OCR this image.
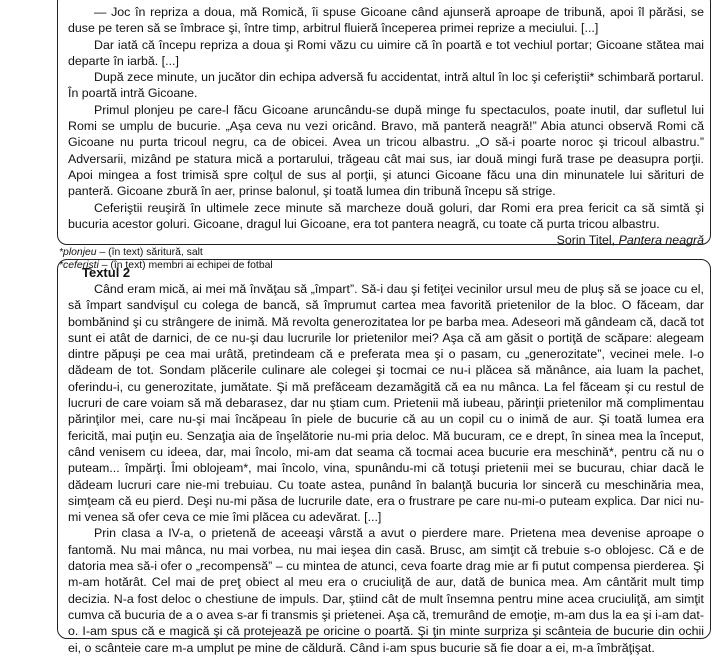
— Joc în repriza a doua, mă Romică, îi spuse Gicoane când ajunseră aproape de tribună, apoi îl părăsi, se duse pe teren să se îmbrace şi, între timp, arbitrul fluieră începerea primei reprize a meciului. [...]

Dar iată că începu repriza a doua şi Romi văzu cu uimire că în poartă e tot vechiul portar; Gicoane stătea mai departe în iarbă. [...]

După zece minute, un jucător din echipa adversă fu accidentat, intră altul în loc şi ceferiştii* schimbară portarul. În poartă intră Gicoane.

Primul plonjeu pe care-l făcu Gicoane aruncându-se după minge fu spectaculos, poate inutil, dar sufletul lui Romi se umplu de bucurie. „Aşa ceva nu vezi oricând. Bravo, mă panteră neagră!” Abia atunci observă Romi că Gicoane nu purta tricoul negru, ca de obicei. Avea un tricou albastru. „O să-i poarte noroc şi tricoul albastru.” Adversarii, mizând pe statura mică a portarului, trăgeau cât mai sus, iar două mingi fură trase pe deasupra porţii. Apoi mingea a fost trimisă spre colţul de sus al porţii, şi atunci Gicoane făcu una din minunatele lui sărituri de panteră. Gicoane zbură în aer, prinse balonul, şi toată lumea din tribună începu să strige.

Ceferiştii reuşiră în ultimele zece minute să marcheze două goluri, dar Romi era prea fericit ca să simtă şi bucuria acestor goluri. Gicoane, dragul lui Gicoane, era tot pantera neagră, cu toate că purta tricou albastru.

Sorin Titel, Pantera neagră
*plonjeu – (în text) săritură, salt
*ceferişti – (în text) membri ai echipei de fotbal
Textul 2

Când eram mică, ai mei mă învăţau să „împart”. Să-i dau şi fetiţei vecinilor ursul meu de pluş să se joace cu el, să împart sandvişul cu colega de bancă, să împrumut cartea mea favorită prietenilor de la bloc. O făceam, dar bombănind şi cu strângere de inimă. Mă revolta generozitatea lor pe barba mea. Adeseori mă gândeam că, dacă tot sunt ei atât de darnici, de ce nu-şi dau lucrurile lor prietenilor mei? Aşa că am găsit o portiţă de scăpare: alegeam dintre păpuşi pe cea mai urâtă, pretindeam că e preferata mea şi o pasam, cu „generozitate”, vecinei mele. I-o dădeam de tot. Sondam plăcerile culinare ale colegei şi tocmai ce nu-i plăcea să mănânce, aia luam la pachet, oferindu-i, cu generozitate, jumătate. Şi mă prefăceam dezamăgită că ea nu mânca. La fel făceam şi cu restul de lucruri de care voiam să mă debarasez, dar nu ştiam cum. Prietenii mă iubeau, părinţii prietenilor mă complimentau părinţilor mei, care nu-şi mai încăpeau în piele de bucurie că au un copil cu o inimă de aur. Şi toată lumea era fericită, mai puţin eu. Senzaţia aia de înşelătorie nu-mi pria deloc. Mă bucuram, ce e drept, în sinea mea la început, când venisem cu ideea, dar, mai încolo, mi-am dat seama că tocmai acea bucurie era meschină*, pentru că nu o puteam... împărţi. Îmi oblojeam*, mai încolo, vina, spunându-mi că totuşi prietenii mei se bucurau, chiar dacă le dădeam lucruri care nie-mi trebuiau. Cu toate astea, punând în balanţă bucuria lor sinceră cu meschinăria mea, simţeam că eu pierd. Deşi nu-mi păsa de lucrurile date, era o frustrare pe care nu-mi-o puteam explica. Dar nici nu-mi venea să ofer ceva ce mie îmi plăcea cu adevărat. [...]

Prin clasa a IV-a, o prietenă de aceeaşi vârstă a avut o pierdere mare. Prietena mea devenise aproape o fantomă. Nu mai mânca, nu mai vorbea, nu mai ieşea din casă. Brusc, am simţit că trebuie s-o oblojesc. Că e de datoria mea să-i ofer o „recompensă” – cu mintea de atunci, ceva foarte drag mie ar fi putut compensa pierderea. Şi m-am hotărât. Cel mai de preţ obiect al meu era o cruciuliţă de aur, dată de bunica mea. Am cântărit mult timp decizia. N-a fost deloc o chestiune de impuls. Dar, ştiind cât de mult însemna pentru mine acea cruciuliţă, am simţit cumva că bucuria de a o avea s-ar fi transmis şi prietenei. Aşa că, tremurând de emoţie, m-am dus la ea şi i-am dat-o. I-am spus că e magică şi că protejează pe oricine o poartă. Şi ţin minte surpriza şi scânteia de bucurie din ochii ei, o scânteie care m-a umplut pe mine de căldură. Când i-am spus bucurie să fie doar a ei, m-a îmbrăţişat.
